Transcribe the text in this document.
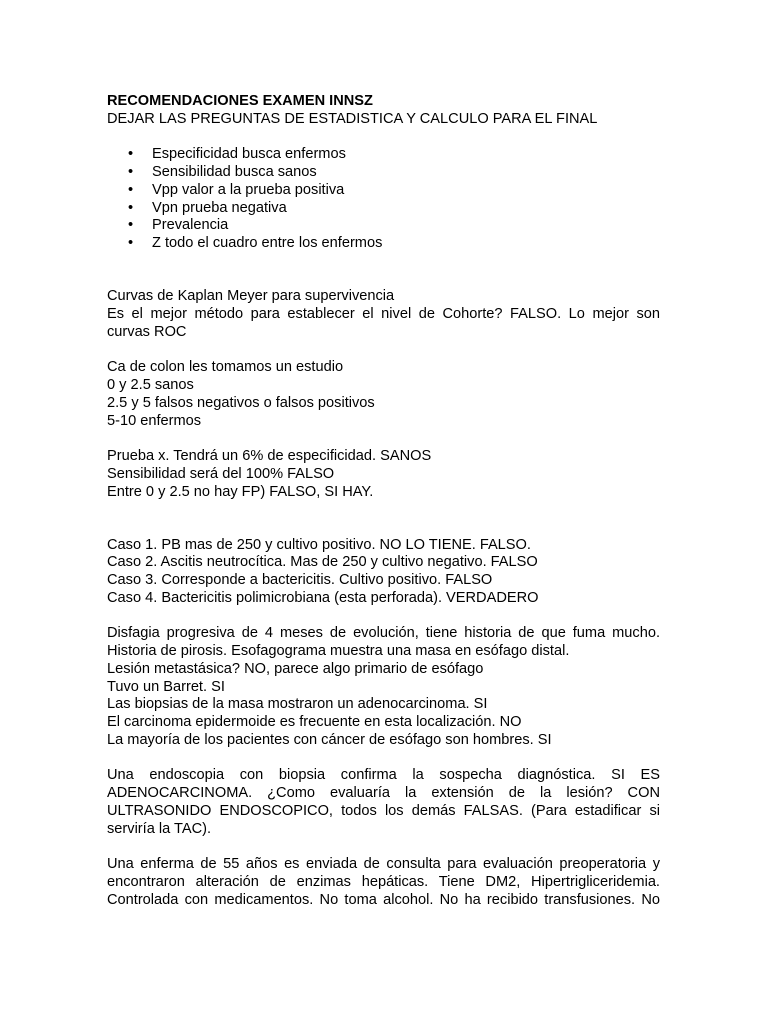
RECOMENDACIONES EXAMEN INNSZ

DEJAR LAS PREGUNTAS DE ESTADISTICA Y CALCULO PARA EL FINAL

• Especificidad busca enfermos
• Sensibilidad busca sanos
• Vpp valor a la prueba positiva
• Vpn prueba negativa
• Prevalencia
• Z todo el cuadro entre los enfermos

Curvas de Kaplan Meyer para supervivencia

Es el mejor método para establecer el nivel de Cohorte? FALSO. Lo mejor son curvas ROC

Ca de colon les tomamos un estudio

0 y 2.5 sanos

2.5 y 5 falsos negativos o falsos positivos

5-10 enfermos

Prueba x. Tendrá un 6% de especificidad. SANOS

Sensibilidad será del 100% FALSO

Entre 0 y 2.5 no hay FP) FALSO, SI HAY.

Caso 1. PB mas de 250 y cultivo positivo. NO LO TIENE. FALSO.

Caso 2. Ascitis neutrocítica. Mas de 250 y cultivo negativo. FALSO

Caso 3. Corresponde a bactericitis. Cultivo positivo. FALSO

Caso 4. Bactericitis polimicrobiana (esta perforada). VERDADERO

Disfagia progresiva de 4 meses de evolución, tiene historia de que fuma mucho. Historia de pirosis. Esofagograma muestra una masa en esófago distal.

Lesión metastásica? NO, parece algo primario de esófago

Tuvo un Barret. SI

Las biopsias de la masa mostraron un adenocarcinoma. SI

El carcinoma epidermoide es frecuente en esta localización. NO

La mayoría de los pacientes con cáncer de esófago son hombres. SI

Una endoscopia con biopsia confirma la sospecha diagnóstica. SI ES ADENOCARCINOMA. ¿Como evaluaría la extensión de la lesión? CON ULTRASONIDO ENDOSCOPICO, todos los demás FALSAS. (Para estadificar si serviría la TAC).

Una enferma de 55 años es enviada de consulta para evaluación preoperatoria y encontraron alteración de enzimas hepáticas. Tiene DM2, Hipertrigliceridemia. Controlada con medicamentos. No toma alcohol. No ha recibido transfusiones. No
